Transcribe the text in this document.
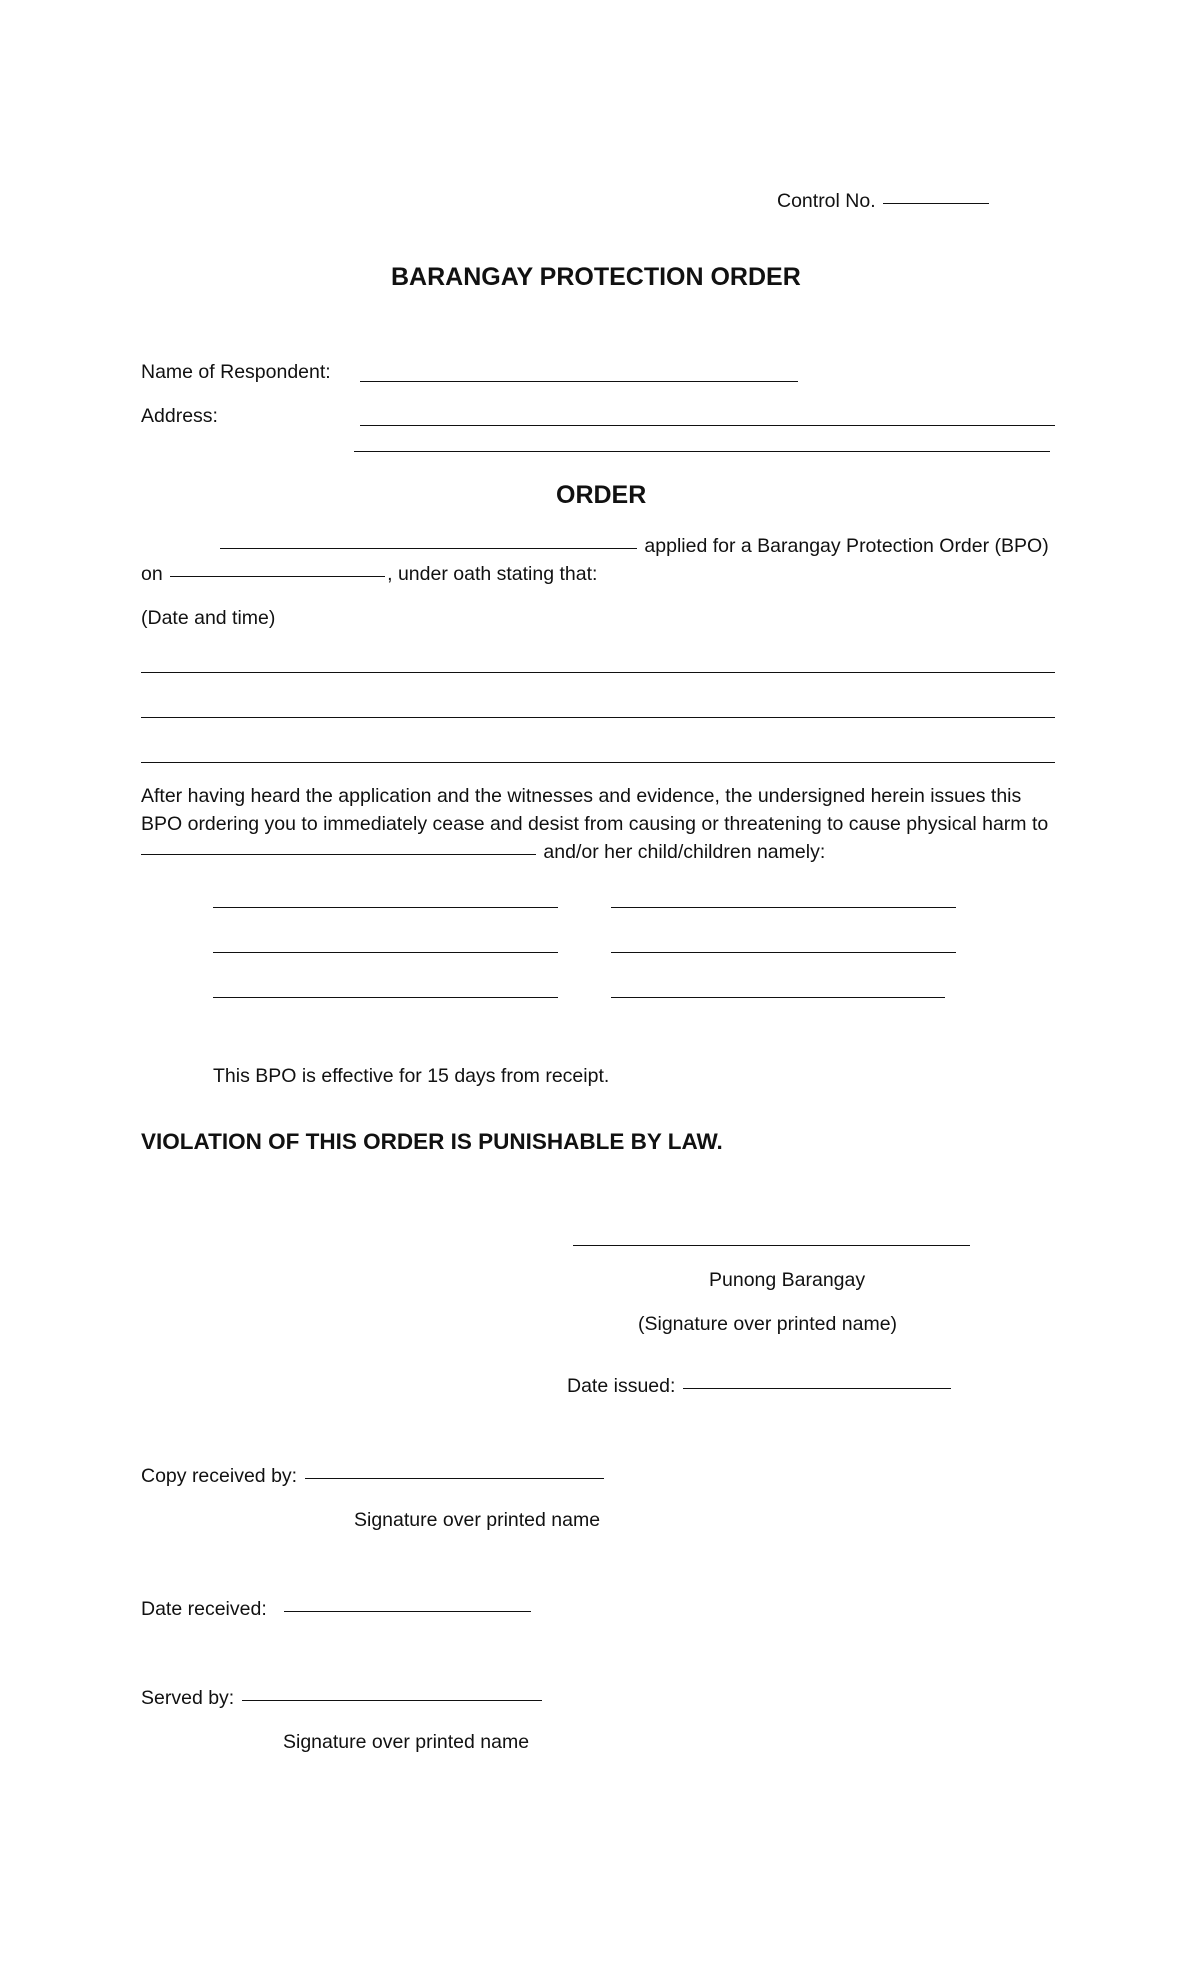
Control No.
BARANGAY PROTECTION ORDER
Name of Respondent:
Address:
ORDER
applied for a Barangay Protection Order (BPO)
on	, under oath stating that:
(Date and time)
After having heard the application and the witnesses and evidence, the undersigned herein issues this
BPO ordering you to immediately cease and desist from causing or threatening to cause physical harm to
and/or her child/children namely:
This BPO is effective for 15 days from receipt.
VIOLATION OF THIS ORDER IS PUNISHABLE BY LAW.
Punong Barangay
(Signature over printed name)
Date issued:
Copy received by:
Signature over printed name
Date received:
Served by:
Signature over printed name
